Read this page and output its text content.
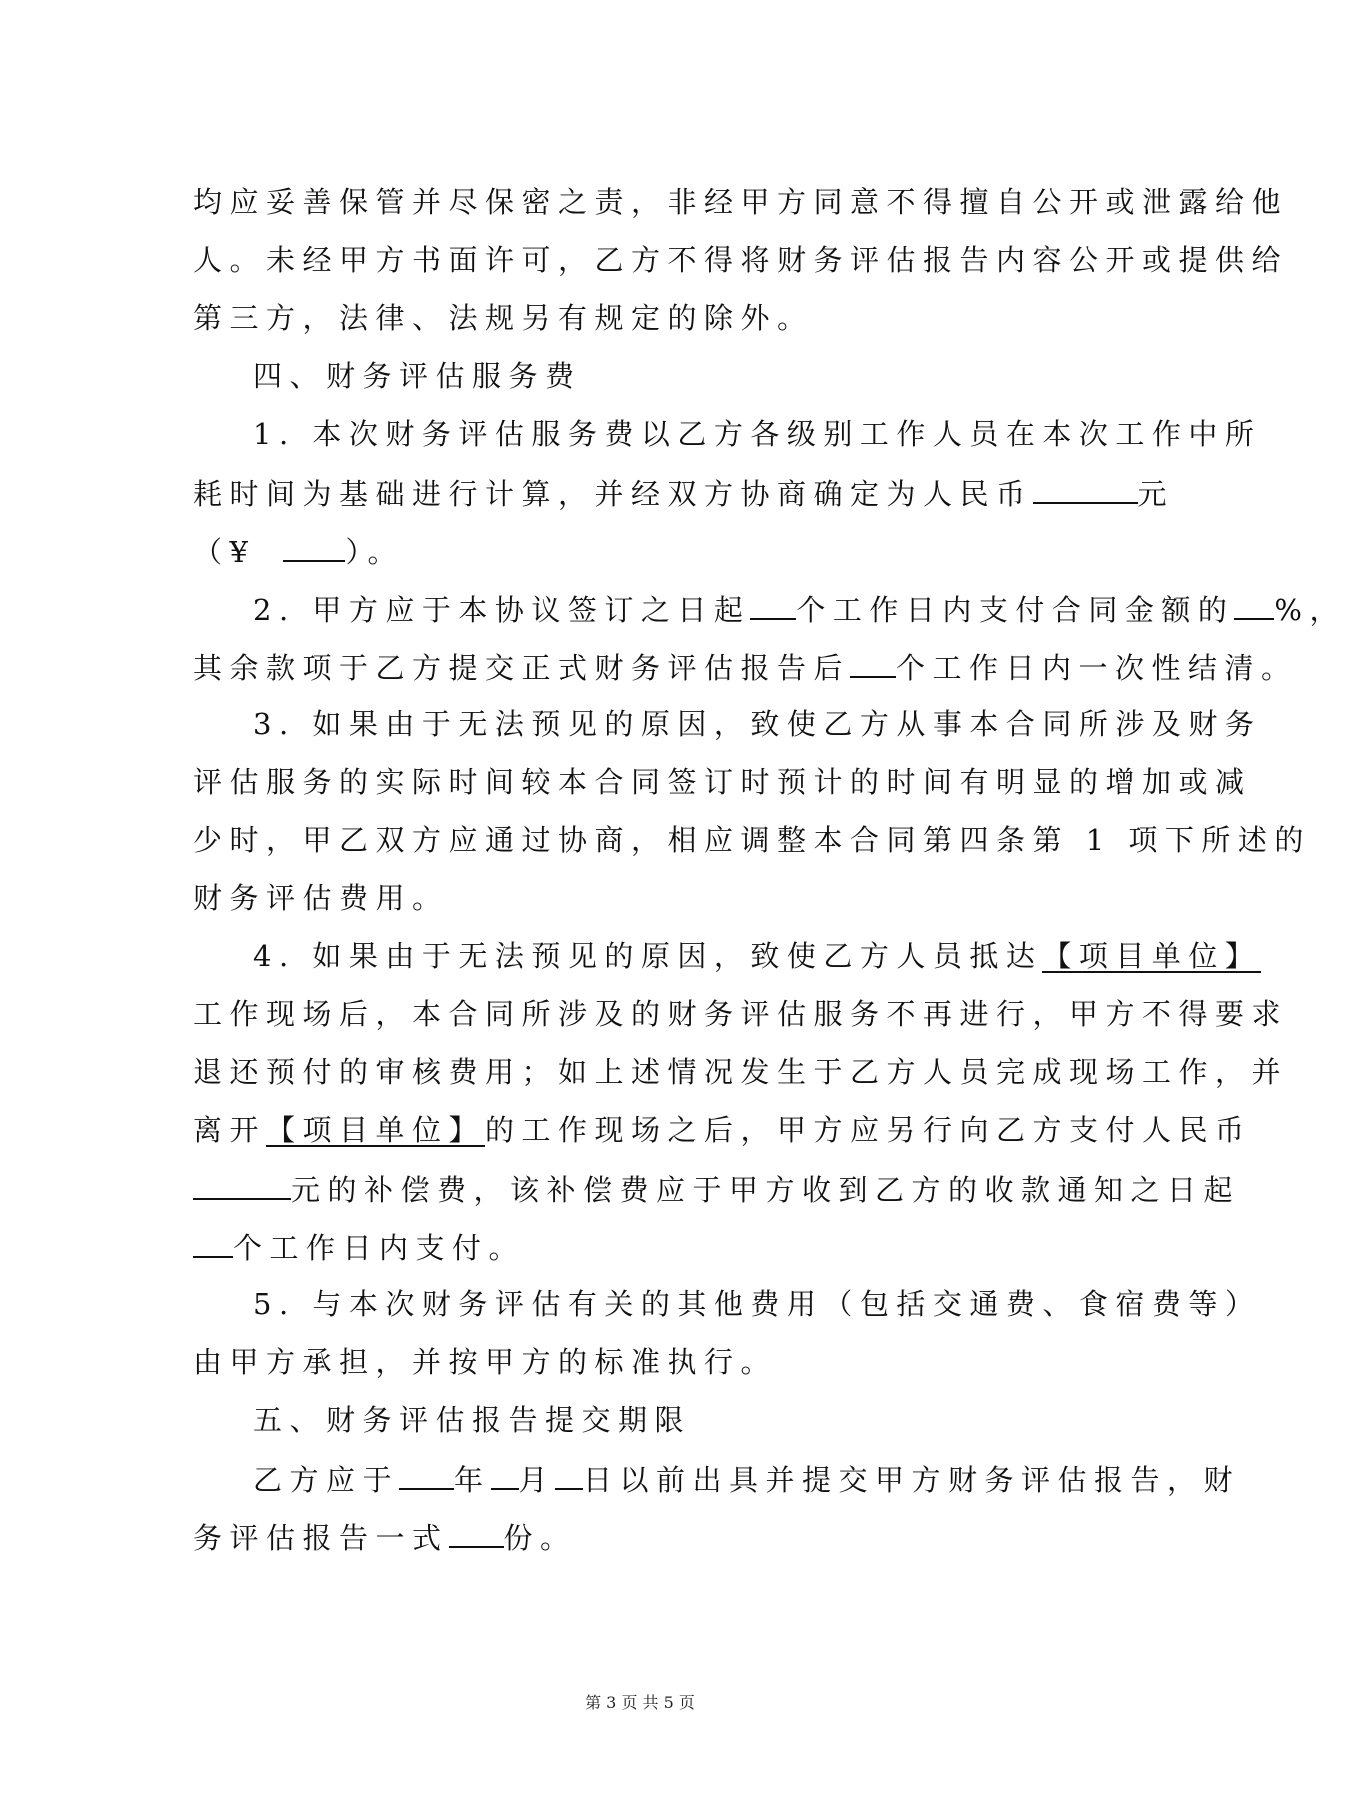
均应妥善保管并尽保密之责，非经甲方同意不得擅自公开或泄露给他
人。未经甲方书面许可，乙方不得将财务评估报告内容公开或提供给
第三方，法律、法规另有规定的除外。
四、财务评估服务费
1. 本次财务评估服务费以乙方各级别工作人员在本次工作中所
耗时间为基础进行计算，并经双方协商确定为人民币	元
（¥	）。
2. 甲方应于本协议签订之日起 个工作日内支付合同金额的 %，
其余款项于乙方提交正式财务评估报告后 个工作日内一次性结清。
3. 如果由于无法预见的原因，致使乙方从事本合同所涉及财务
评估服务的实际时间较本合同签订时预计的时间有明显的增加或减
少时，甲乙双方应通过协商，相应调整本合同第四条第 1 项下所述的
财务评估费用。
4. 如果由于无法预见的原因，致使乙方人员抵达【项目单位】
工作现场后，本合同所涉及的财务评估服务不再进行，甲方不得要求
退还预付的审核费用；如上述情况发生于乙方人员完成现场工作，并
离开【项目单位】的工作现场之后，甲方应另行向乙方支付人民币
元的补偿费，该补偿费应于甲方收到乙方的收款通知之日起
个工作日内支付。
5. 与本次财务评估有关的其他费用（包括交通费、食宿费等）
由甲方承担，并按甲方的标准执行。
五、财务评估报告提交期限
乙方应于 年 月 日以前出具并提交甲方财务评估报告，财
务评估报告一式 份。
第 3 页 共 5 页
